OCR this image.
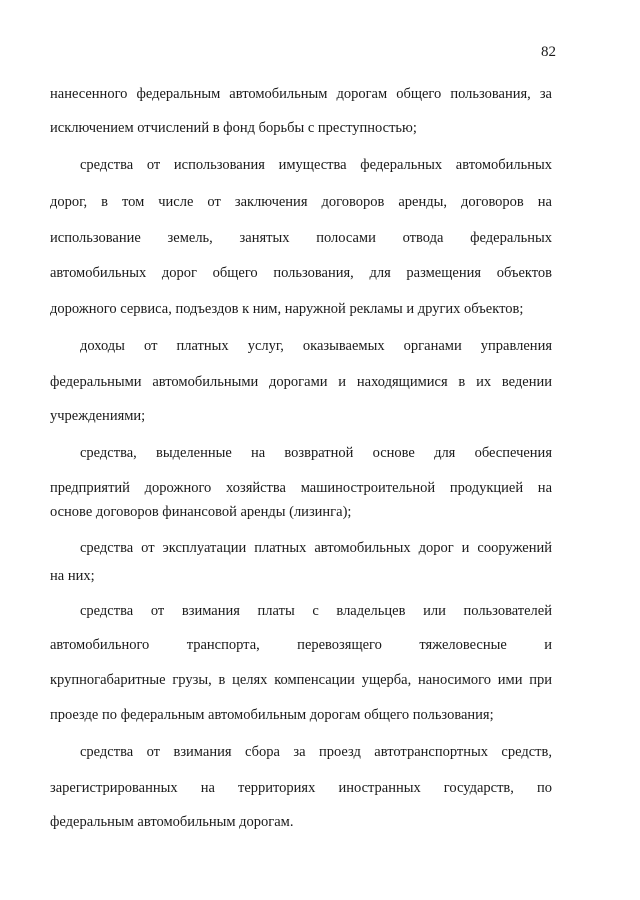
82
нанесенного федеральным автомобильным дорогам общего пользования, за
исключением отчислений в фонд борьбы с преступностью;
средства от использования имущества федеральных автомобильных
дорог, в том числе от заключения договоров аренды, договоров на
использование земель, занятых полосами отвода федеральных
автомобильных дорог общего пользования, для размещения объектов
дорожного сервиса, подъездов к ним, наружной рекламы и других объектов;
доходы от платных услуг, оказываемых органами управления
федеральными автомобильными дорогами и находящимися в их ведении
учреждениями;
средства, выделенные на возвратной основе для обеспечения
предприятий дорожного хозяйства машиностроительной продукцией на
основе договоров финансовой аренды (лизинга);
средства от эксплуатации платных автомобильных дорог и сооружений
на них;
средства от взимания платы с владельцев или пользователей
автомобильного транспорта, перевозящего тяжеловесные и
крупногабаритные грузы, в целях компенсации ущерба, наносимого ими при
проезде по федеральным автомобильным дорогам общего пользования;
средства от взимания сбора за проезд автотранспортных средств,
зарегистрированных на территориях иностранных государств, по
федеральным автомобильным дорогам.
